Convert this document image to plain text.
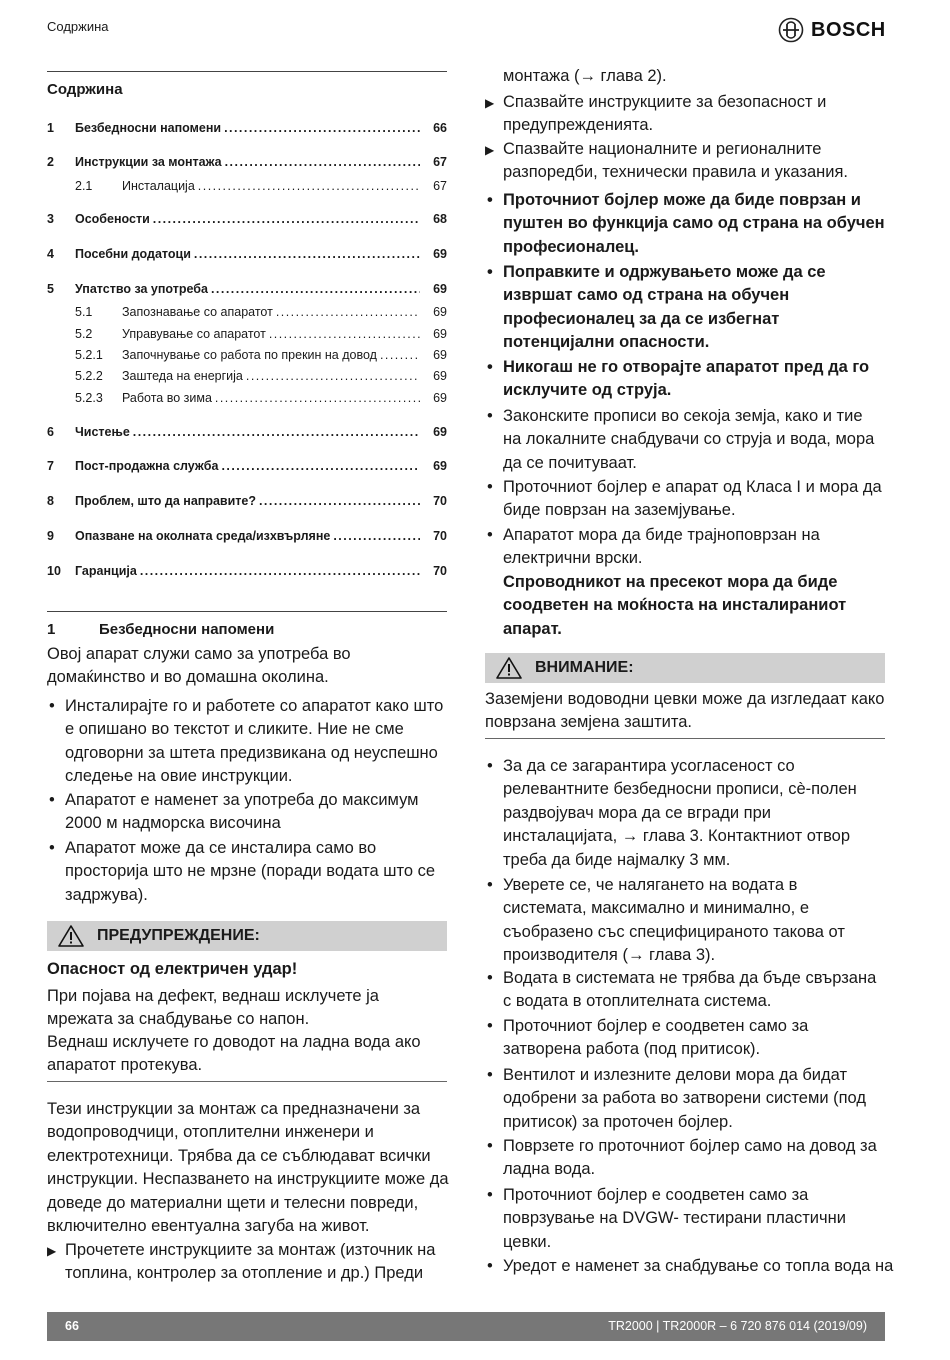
Содржина	BOSCH
Содржина
1	Безбедносни напомени . . .	66
2	Инструкции за монтажа . . .	67
2.1	Инсталација . . .	67
3	Особености . . .	68
4	Посебни додатоци . . .	69
5	Упатство за употреба . . .	69
5.1	Запознавање со апаратот . . .	69
5.2	Управување со апаратот . . .	69
5.2.1	Започнување со работа по прекин на довод . . .	69
5.2.2	Заштеда на енергија . . .	69
5.2.3	Работа во зима . . .	69
6	Чистење . . .	69
7	Пост-продажна служба . . .	69
8	Проблем, што да направите? . . .	70
9	Опазване на околната среда/изхвърляне . . .	70
10	Гаранција . . .	70
1	Безбедносни напомени
Овој апарат служи само за употреба во домаќинство и во домашна околина.
• Инсталирајте го и работете со апаратот како што е опишано во текстот и сликите. Ние не сме одговорни за штета предизвикана од неуспешно следење на овие инструкции.
• Апаратот е наменет за употреба до максимум 2000 м надморска височина
• Апаратот може да се инсталира само во просторија што не мрзне (поради водата што се задржува).
ПРЕДУПРЕЖДЕНИЕ:
Опасност од електричен удар!
При појава на дефект, веднаш исклучете ја мрежата за снабдување со напон.
Веднаш исклучете го доводот на ладна вода ако апаратот протекува.
Тези инструкции за монтаж са предназначени за водопроводчици, отоплителни инженери и електротехници. Трябва да се съблюдават всички инструкции. Неспазването на инструкциите може да доведе до материални щети и телесни повреди, включително евентуална загуба на живот.
▶ Прочетете инструкциите за монтаж (източник на топлина, контролер за отопление и др.) Преди
монтажа (→ глава 2).
▶ Спазвайте инструкциите за безопасност и предупрежденията.
▶ Спазвайте националните и регионалните разпоредби, технически правила и указания.
• Проточниот бојлер може да биде поврзан и пуштен во функција само од страна на обучен професионалец.
• Поправките и одржувањето може да се извршат само од страна на обучен професионалец за да се избегнат потенцијални опасности.
• Никогаш не го отворајте апаратот пред да го исклучите од струја.
• Законските прописи во секоја земја, како и тие на локалните снабдувачи со струја и вода, мора да се почитуваат.
• Проточниот бојлер е апарат од Класа I и мора да биде поврзан на заземјување.
• Апаратот мора да биде трајноповрзан на електрични врски.
Спроводникот на пресекот мора да биде соодветен на моќноста на инсталираниот апарат.
ВНИМАНИЕ:
Заземјени водоводни цевки може да изгледаат како поврзана земјена заштита.
• За да се загарантира усогласеност со релевантните безбедносни прописи, сè-полен раздвојувач мора да се вгради при инсталацијата, → глава 3. Контактниот отвор треба да биде најмалку 3 мм.
• Уверете се, че налягането на водата в системата, максимално и минимално, е съобразено със специфицираното такова от производителя (→ глава 3).
• Водата в системата не трябва да бъде свързана с водата в отоплителната система.
• Проточниот бојлер е соодветен само за затворена работа (под притисок).
• Вентилот и излезните делови мора да бидат одобрени за работа во затворени системи (под притисок) за проточен бојлер.
• Поврзете го проточниот бојлер само на довод за ладна вода.
• Проточниот бојлер е соодветен само за поврзување на DVGW- тестирани пластични цевки.
• Уредот е наменет за снабдување со топла вода на
66	TR2000 | TR2000R – 6 720 876 014 (2019/09)
